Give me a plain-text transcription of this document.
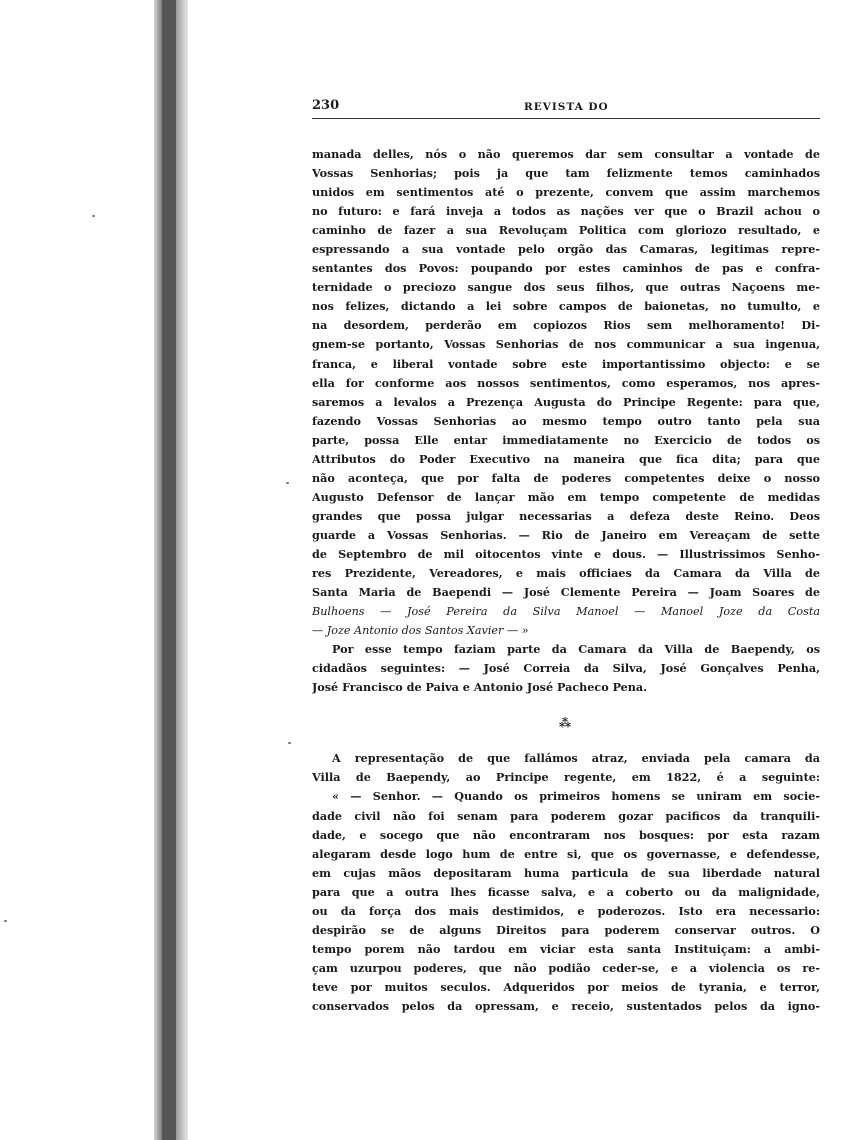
230	REVISTA DO
manada delles, nós o não queremos dar sem consultar a vontade de
Vossas Senhorias; pois ja que tam felizmente temos caminhados
unidos em sentimentos até o prezente, convem que assim marchemos
no futuro: e fará inveja a todos as nações ver que o Brazil achou o
caminho de fazer a sua Revoluçam Politica com gloriozo resultado, e
espressando a sua vontade pelo orgão das Camaras, legitimas repre-
sentantes dos Povos: poupando por estes caminhos de pas e confra-
ternidade o preciozo sangue dos seus filhos, que outras Naçoens me-
nos felizes, dictando a lei sobre campos de baionetas, no tumulto, e
na desordem, perderão em copiozos Rios sem melhoramento! Di-
gnem-se portanto, Vossas Senhorias de nos communicar a sua ingenua,
franca, e liberal vontade sobre este importantissimo objecto: e se
ella for conforme aos nossos sentimentos, como esperamos, nos apres-
saremos a levalos a Prezença Augusta do Principe Regente: para que,
fazendo Vossas Senhorias ao mesmo tempo outro tanto pela sua
parte, possa Elle entar immediatamente no Exercicio de todos os
Attributos do Poder Executivo na maneira que fica dita; para que
não aconteça, que por falta de poderes competentes deixe o nosso
Augusto Defensor de lançar mão em tempo competente de medidas
grandes que possa julgar necessarias a defeza deste Reino. Deos
guarde a Vossas Senhorias. — Rio de Janeiro em Vereaçam de sette
de Septembro de mil oitocentos vinte e dous. — Illustrissimos Senho-
res Prezidente, Vereadores, e mais officiaes da Camara da Villa de
Santa Maria de Baependi — José Clemente Pereira — Joam Soares de
Bulhoens — José Pereira da Silva Manoel — Manoel Joze da Costa
— Joze Antonio dos Santos Xavier — »
Por esse tempo faziam parte da Camara da Villa de Baependy, os
cidadãos seguintes: — José Correia da Silva, José Gonçalves Penha,
José Francisco de Paiva e Antonio José Pacheco Pena.
⁂
A representação de que fallámos atraz, enviada pela camara da
Villa de Baependy, ao Principe regente, em 1822, é a seguinte:
« — Senhor. — Quando os primeiros homens se uniram em socie-
dade civil não foi senam para poderem gozar pacificos da tranquili-
dade, e socego que não encontraram nos bosques: por esta razam
alegaram desde logo hum de entre si, que os governasse, e defendesse,
em cujas mãos depositaram huma particula de sua liberdade natural
para que a outra lhes ficasse salva, e a coberto ou da malignidade,
ou da força dos mais destimidos, e poderozos. Isto era necessario:
despirão se de alguns Direitos para poderem conservar outros. O
tempo porem não tardou em viciar esta santa Instituiçam: a ambi-
çam uzurpou poderes, que não podião ceder-se, e a violencia os re-
teve por muitos seculos. Adqueridos por meios de tyrania, e terror,
conservados pelos da opressam, e receio, sustentados pelos da igno-
